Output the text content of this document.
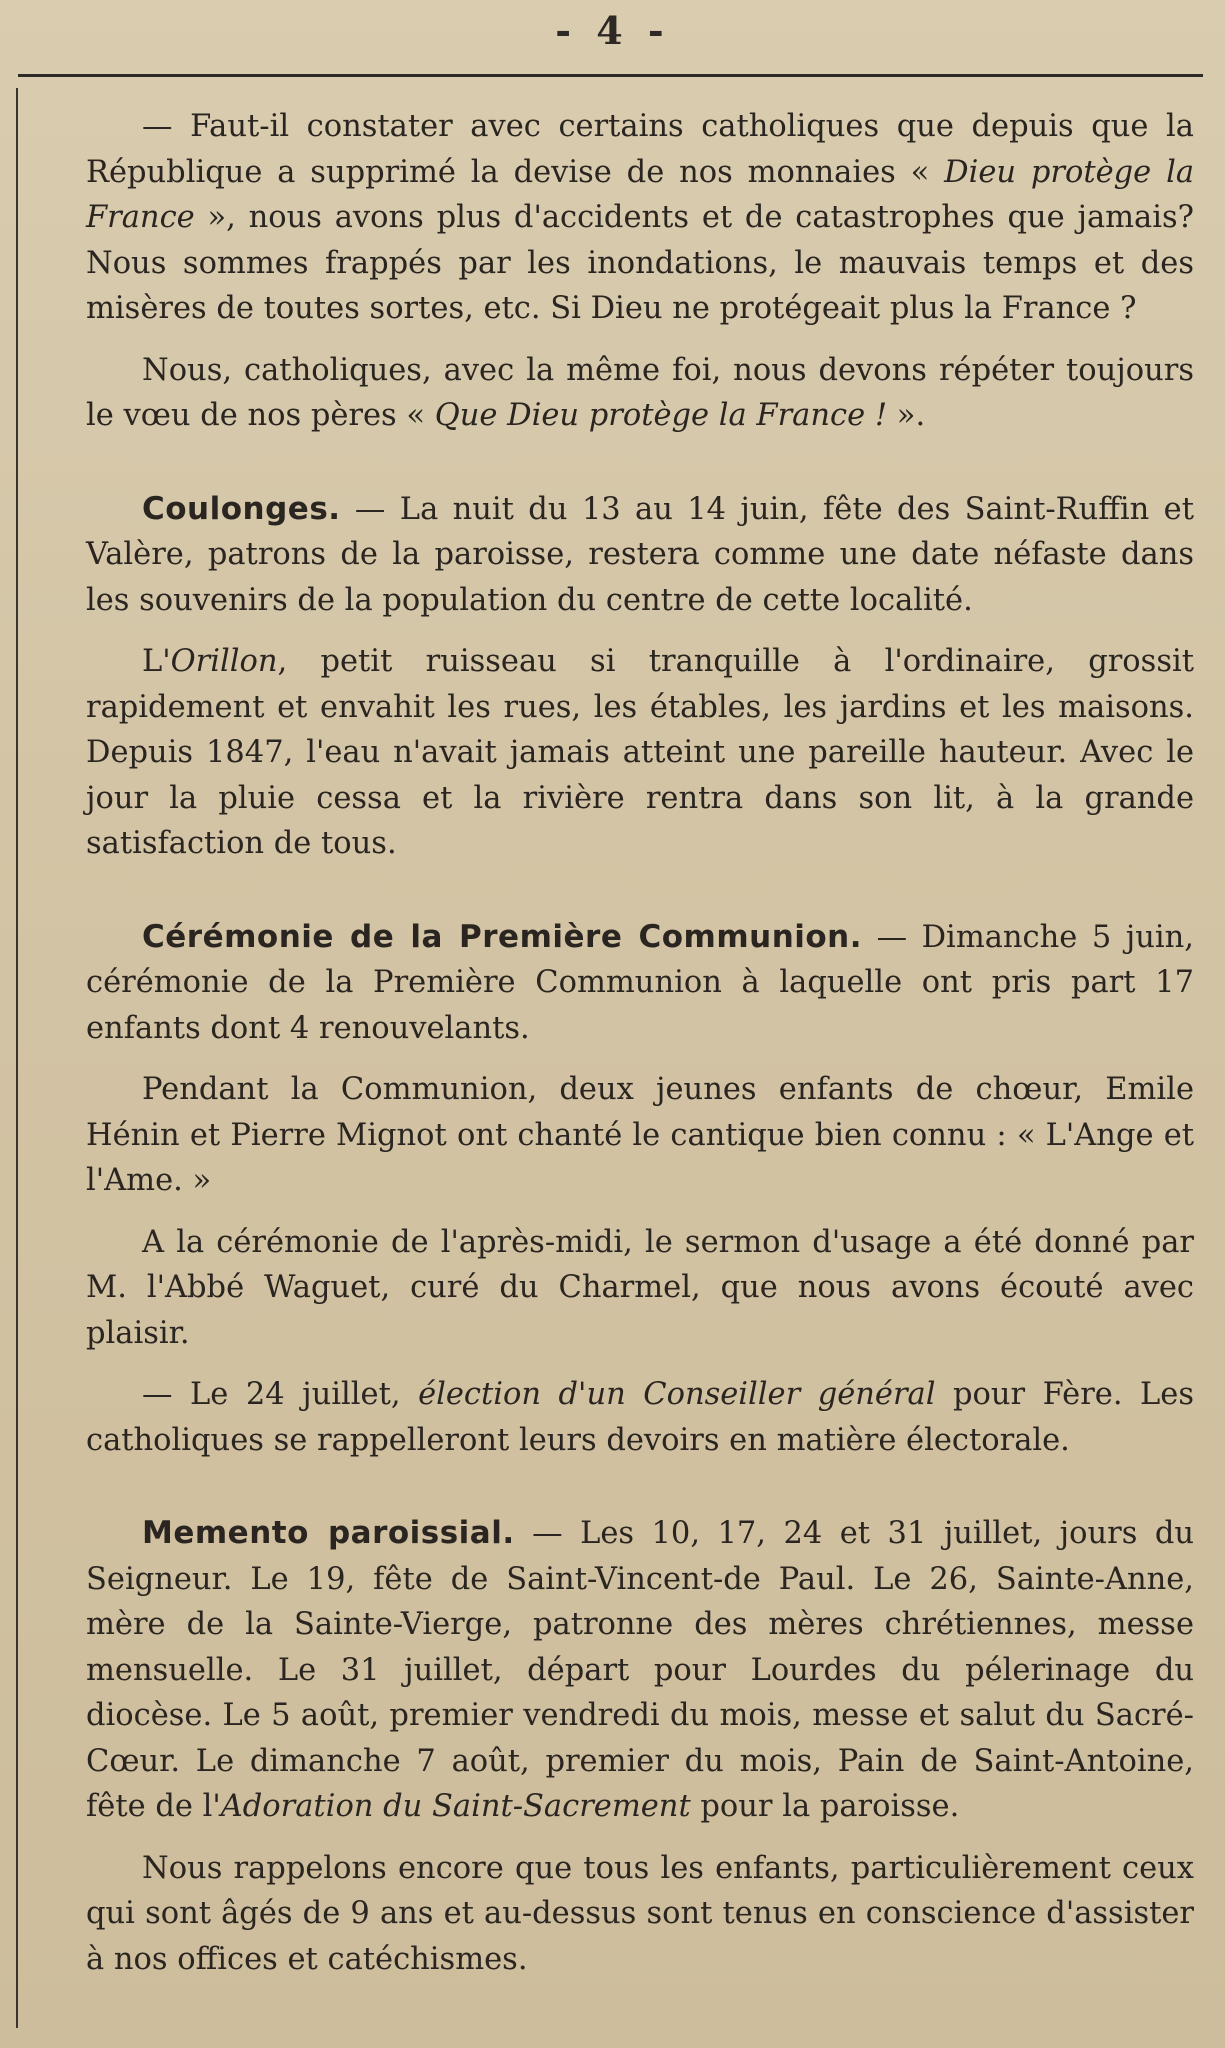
- 4 -

— Faut-il constater avec certains catholiques que depuis que la République a supprimé la devise de nos monnaies « Dieu protège la France », nous avons plus d'accidents et de catastrophes que jamais? Nous sommes frappés par les inondations, le mauvais temps et des misères de toutes sortes, etc. Si Dieu ne protégeait plus la France ?

Nous, catholiques, avec la même foi, nous devons répéter toujours le vœu de nos pères « Que Dieu protège la France ! ».

Coulonges. — La nuit du 13 au 14 juin, fête des Saint-Ruffin et Valère, patrons de la paroisse, restera comme une date néfaste dans les souvenirs de la population du centre de cette localité.

L'Orillon, petit ruisseau si tranquille à l'ordinaire, grossit rapidement et envahit les rues, les étables, les jardins et les maisons. Depuis 1847, l'eau n'avait jamais atteint une pareille hauteur. Avec le jour la pluie cessa et la rivière rentra dans son lit, à la grande satisfaction de tous.

Cérémonie de la Première Communion. — Dimanche 5 juin, cérémonie de la Première Communion à laquelle ont pris part 17 enfants dont 4 renouvelants.

Pendant la Communion, deux jeunes enfants de chœur, Emile Hénin et Pierre Mignot ont chanté le cantique bien connu : « L'Ange et l'Ame. »

A la cérémonie de l'après-midi, le sermon d'usage a été donné par M. l'Abbé Waguet, curé du Charmel, que nous avons écouté avec plaisir.

— Le 24 juillet, élection d'un Conseiller général pour Fère. Les catholiques se rappelleront leurs devoirs en matière électorale.

Memento paroissial. — Les 10, 17, 24 et 31 juillet, jours du Seigneur. Le 19, fête de Saint-Vincent-de Paul. Le 26, Sainte-Anne, mère de la Sainte-Vierge, patronne des mères chrétiennes, messe mensuelle. Le 31 juillet, départ pour Lourdes du pélerinage du diocèse. Le 5 août, premier vendredi du mois, messe et salut du Sacré-Cœur. Le dimanche 7 août, premier du mois, Pain de Saint-Antoine, fête de l'Adoration du Saint-Sacrement pour la paroisse.

Nous rappelons encore que tous les enfants, particulièrement ceux qui sont âgés de 9 ans et au-dessus sont tenus en conscience d'assister à nos offices et catéchismes.
